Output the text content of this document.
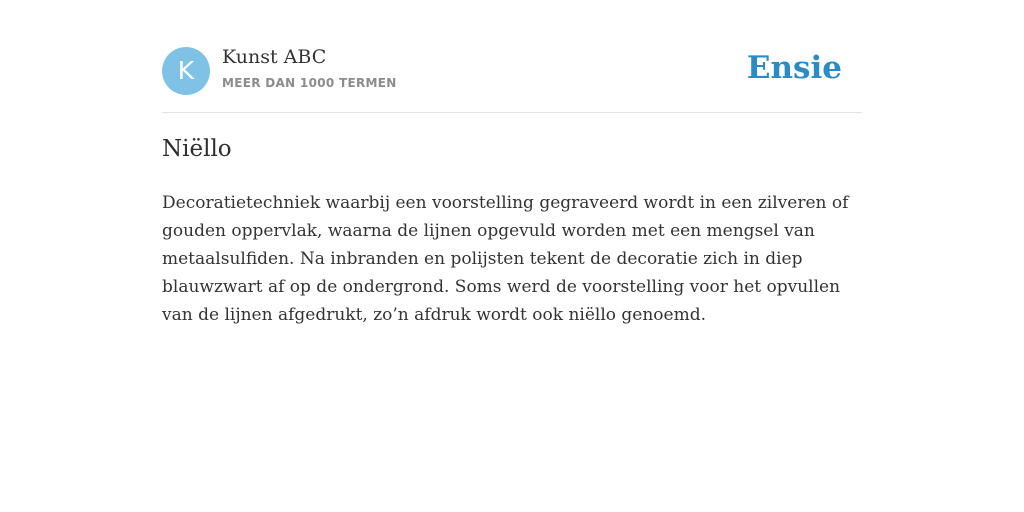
K	Kunst ABC
MEER DAN 1000 TERMEN	Ensie
Niëllo

Decoratietechniek waarbij een voorstelling gegraveerd wordt in een zilveren of gouden oppervlak, waarna de lijnen opgevuld worden met een mengsel van metaalsulfiden. Na inbranden en polijsten tekent de decoratie zich in diep blauwzwart af op de ondergrond. Soms werd de voorstelling voor het opvullen van de lijnen afgedrukt, zo’n afdruk wordt ook niëllo genoemd.
